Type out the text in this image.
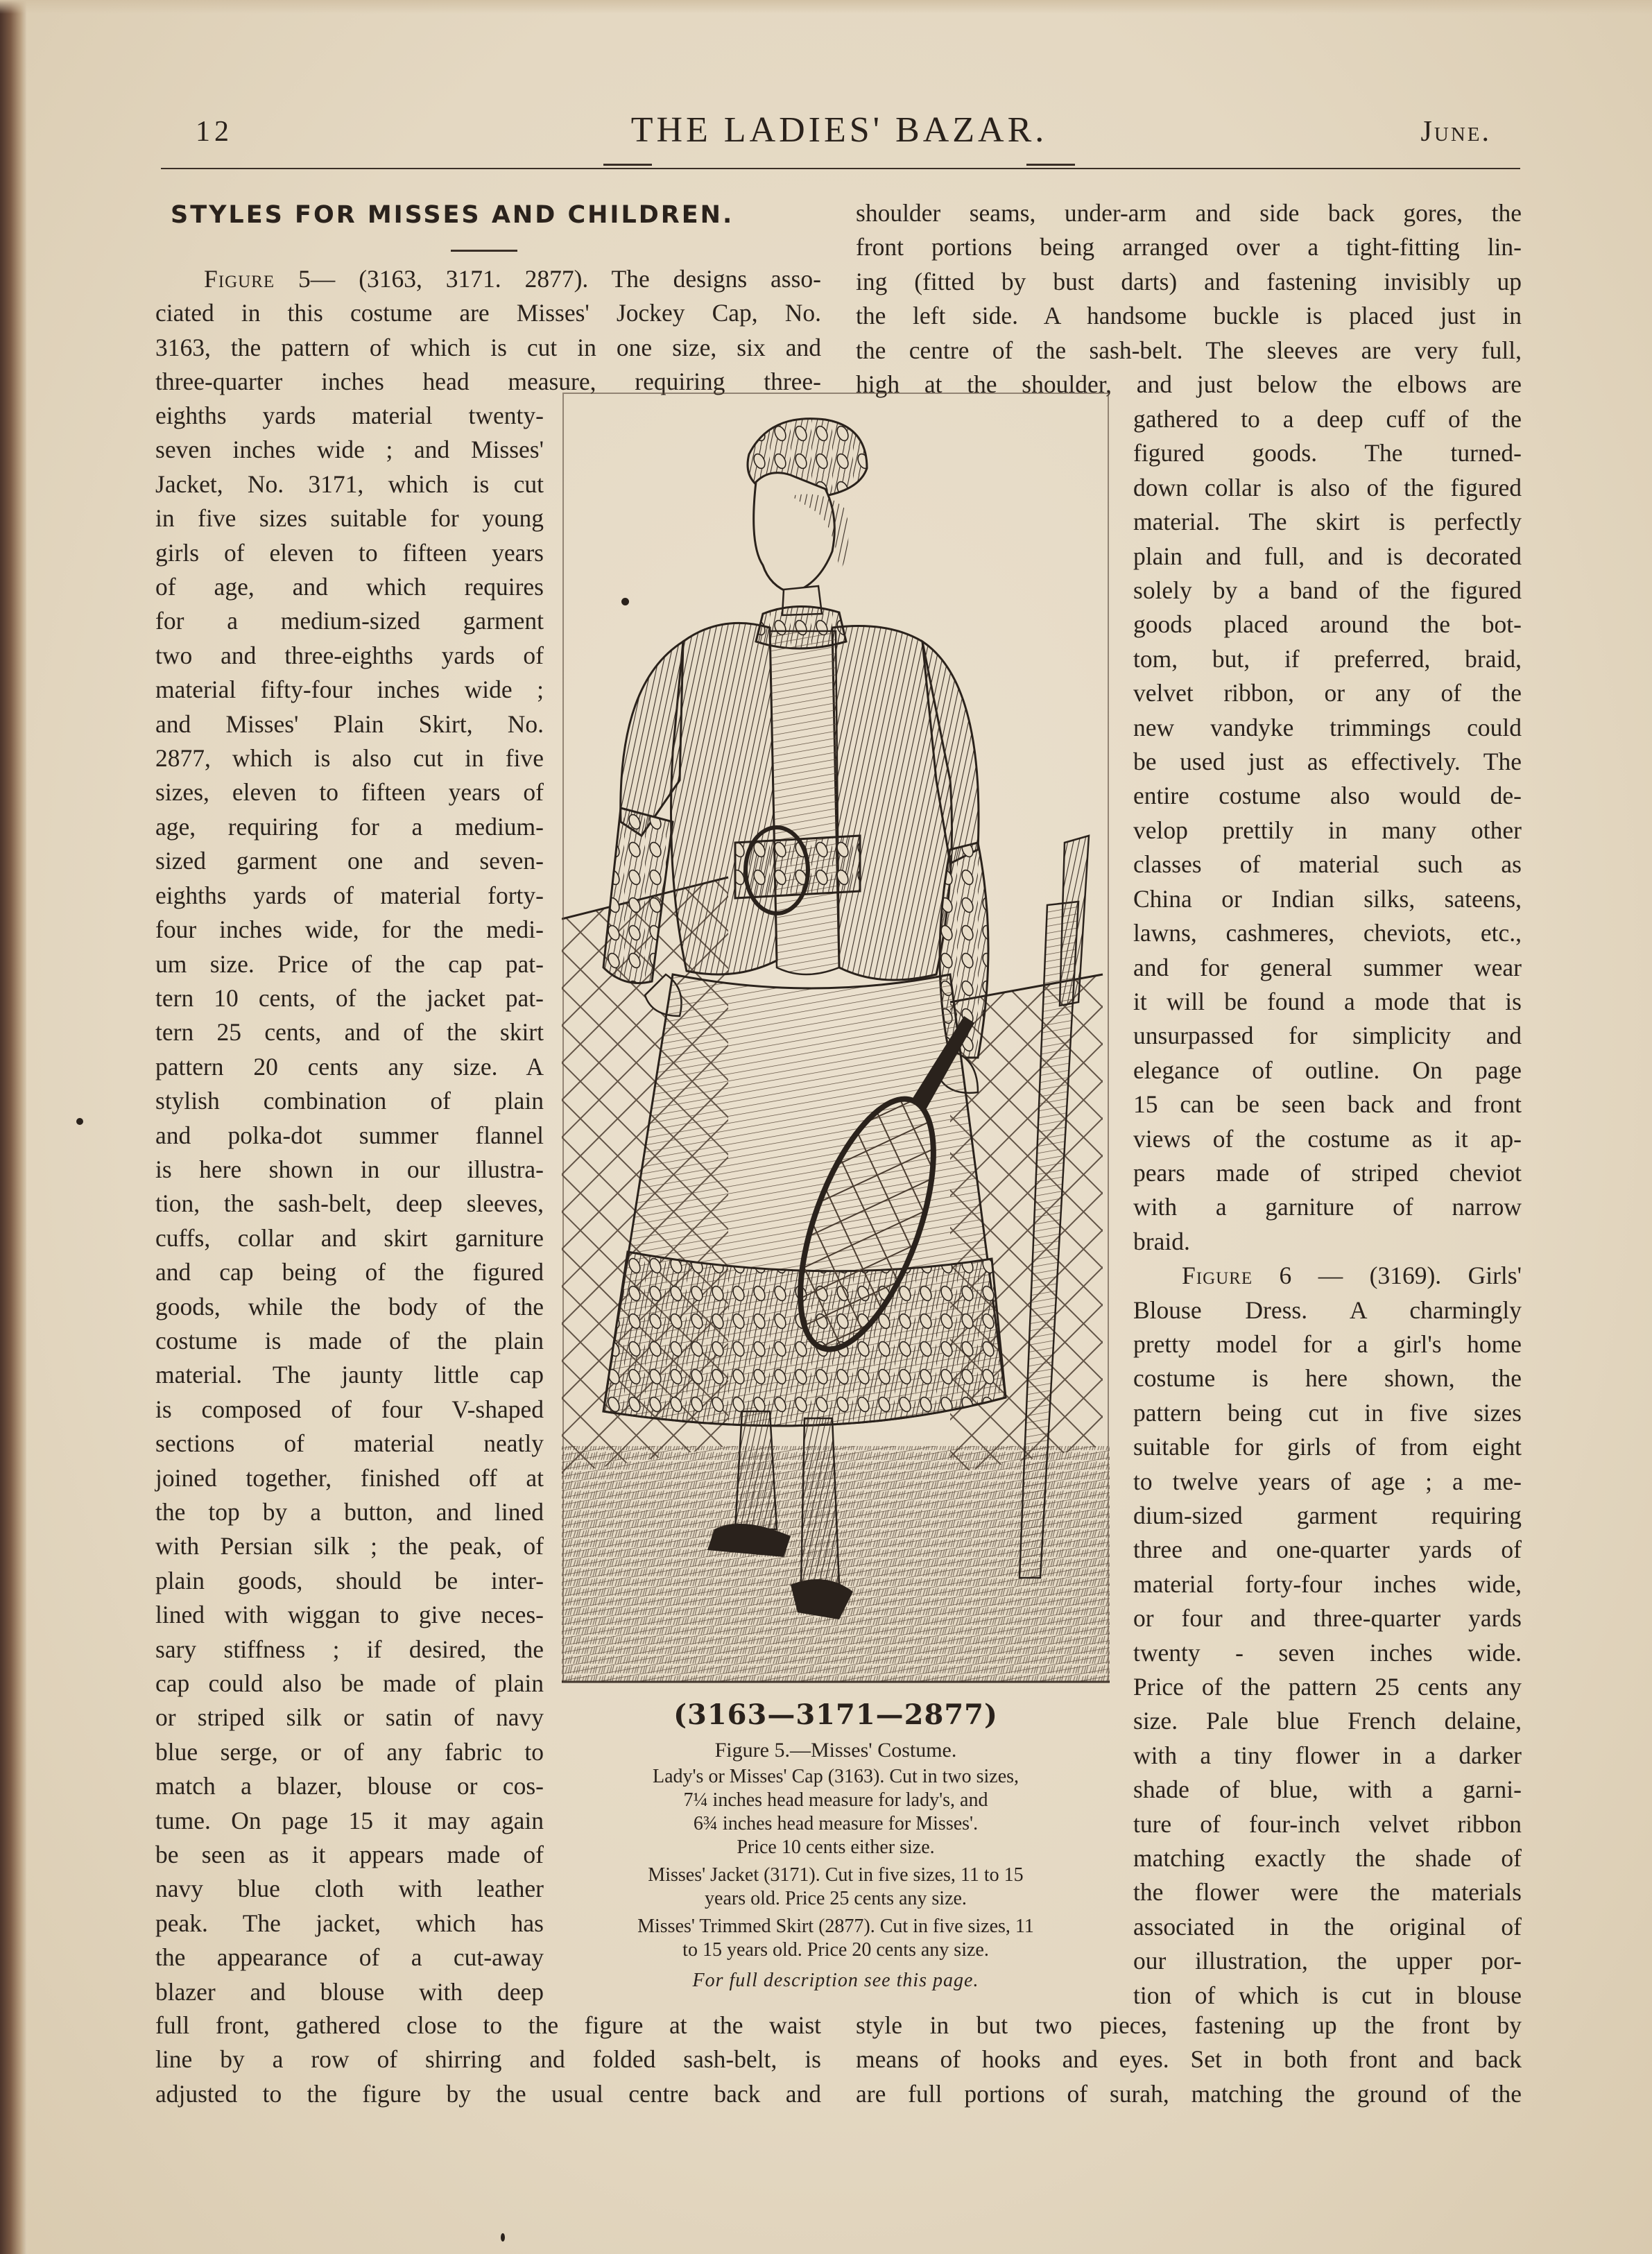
12	THE LADIES' BAZAR.	June.
STYLES FOR MISSES AND CHILDREN.
Figure 5— (3163, 3171. 2877). The designs asso-
ciated in this costume are Misses' Jockey Cap, No.
3163, the pattern of which is cut in one size, six and
three-quarter inches head measure, requiring three-
eighths yards material twenty-
seven inches wide ; and Misses'
Jacket, No. 3171, which is cut
in five sizes suitable for young
girls of eleven to fifteen years
of age, and which requires
for a medium-sized garment
two and three-eighths yards of
material fifty-four inches wide ;
and Misses' Plain Skirt, No.
2877, which is also cut in five
sizes, eleven to fifteen years of
age, requiring for a medium-
sized garment one and seven-
eighths yards of material forty-
four inches wide, for the medi-
um size. Price of the cap pat-
tern 10 cents, of the jacket pat-
tern 25 cents, and of the skirt
pattern 20 cents any size. A
stylish combination of plain
and polka-dot summer flannel
is here shown in our illustra-
tion, the sash-belt, deep sleeves,
cuffs, collar and skirt garniture
and cap being of the figured
goods, while the body of the
costume is made of the plain
material. The jaunty little cap
is composed of four V-shaped
sections of material neatly
joined together, finished off at
the top by a button, and lined
with Persian silk ; the peak, of
plain goods, should be inter-
lined with wiggan to give neces-
sary stiffness ; if desired, the
cap could also be made of plain
or striped silk or satin of navy
blue serge, or of any fabric to
match a blazer, blouse or cos-
tume. On page 15 it may again
be seen as it appears made of
navy blue cloth with leather
peak. The jacket, which has
the appearance of a cut-away
blazer and blouse with deep
full front, gathered close to the figure at the waist
line by a row of shirring and folded sash-belt, is
adjusted to the figure by the usual centre back and
shoulder seams, under-arm and side back gores, the
front portions being arranged over a tight-fitting lin-
ing (fitted by bust darts) and fastening invisibly up
the left side. A handsome buckle is placed just in
the centre of the sash-belt. The sleeves are very full,
high at the shoulder, and just below the elbows are
gathered to a deep cuff of the
figured goods. The turned-
down collar is also of the figured
material. The skirt is perfectly
plain and full, and is decorated
solely by a band of the figured
goods placed around the bot-
tom, but, if preferred, braid,
velvet ribbon, or any of the
new vandyke trimmings could
be used just as effectively. The
entire costume also would de-
velop prettily in many other
classes of material such as
China or Indian silks, sateens,
lawns, cashmeres, cheviots, etc.,
and for general summer wear
it will be found a mode that is
unsurpassed for simplicity and
elegance of outline. On page
15 can be seen back and front
views of the costume as it ap-
pears made of striped cheviot
with a garniture of narrow
braid.
Figure 6 — (3169). Girls'
Blouse Dress. A charmingly
pretty model for a girl's home
costume is here shown, the
pattern being cut in five sizes
suitable for girls of from eight
to twelve years of age ; a me-
dium-sized garment requiring
three and one-quarter yards of
material forty-four inches wide,
or four and three-quarter yards
twenty - seven inches wide.
Price of the pattern 25 cents any
size. Pale blue French delaine,
with a tiny flower in a darker
shade of blue, with a garni-
ture of four-inch velvet ribbon
matching exactly the shade of
the flower were the materials
associated in the original of
our illustration, the upper por-
tion of which is cut in blouse
style in but two pieces, fastening up the front by
means of hooks and eyes. Set in both front and back
are full portions of surah, matching the ground of the
(3163—3171—2877)
Figure 5.—Misses' Costume.
Lady's or Misses' Cap (3163). Cut in two sizes,
7¼ inches head measure for lady's, and
6¾ inches head measure for Misses'.
Price 10 cents either size.
Misses' Jacket (3171). Cut in five sizes, 11 to 15
years old. Price 25 cents any size.
Misses' Trimmed Skirt (2877). Cut in five sizes, 11
to 15 years old. Price 20 cents any size.
For full description see this page.
